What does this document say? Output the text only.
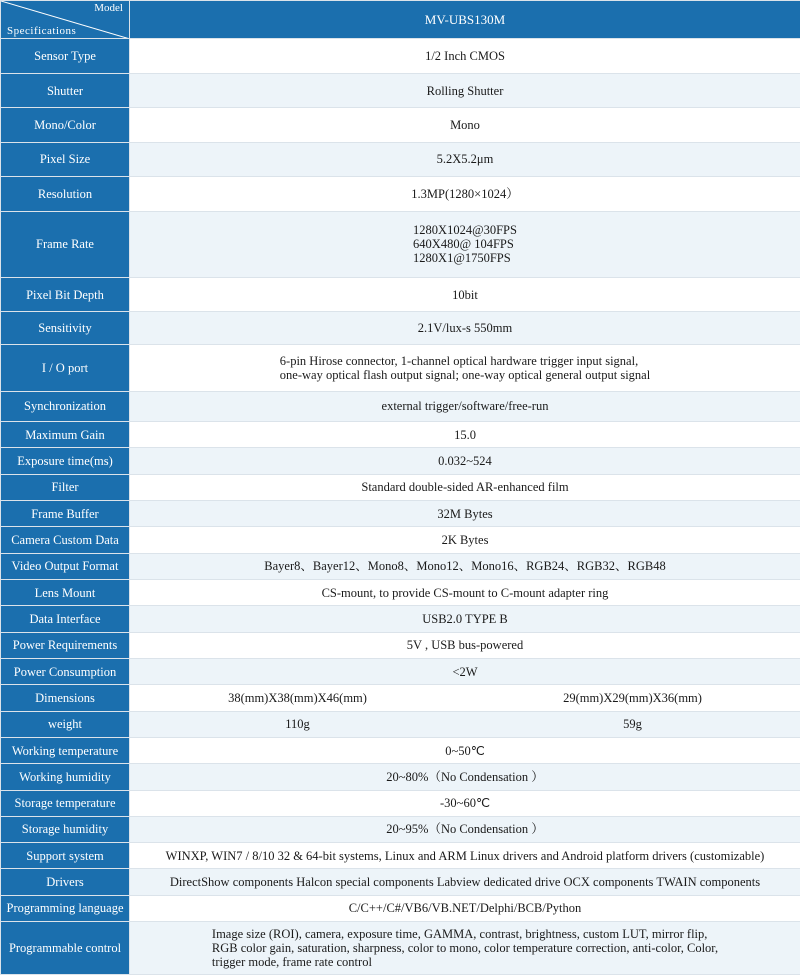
Model
Specifications	MV-UBS130M
Sensor Type	1/2 Inch CMOS
Shutter	Rolling Shutter
Mono/Color	Mono
Pixel Size	5.2X5.2μm
Resolution	1.3MP(1280×1024）
Frame Rate	1280X1024@30FPS
640X480@ 104FPS
1280X1@1750FPS

Pixel Bit Depth	10bit
Sensitivity	2.1V/lux-s 550mm
I / O port	6-pin Hirose connector, 1-channel optical hardware trigger input signal,
one-way optical flash output signal; one-way optical general output signal

Synchronization	external trigger/software/free-run
Maximum Gain	15.0
Exposure time(ms)	0.032~524
Filter	Standard double-sided AR-enhanced film
Frame Buffer	32M Bytes
Camera Custom Data	2K Bytes
Video Output Format	Bayer8、Bayer12、Mono8、Mono12、Mono16、RGB24、RGB32、RGB48
Lens Mount	CS-mount, to provide CS-mount to C-mount adapter ring
Data Interface	USB2.0 TYPE B
Power Requirements	5V , USB bus-powered
Power Consumption	<2W
Dimensions	38(mm)X38(mm)X46(mm) 29(mm)X29(mm)X36(mm)

weight	110g 59g

Working temperature	0~50℃
Working humidity	20~80%（No Condensation ）
Storage temperature	-30~60℃
Storage humidity	20~95%（No Condensation ）
Support system	WINXP, WIN7 / 8/10 32 & 64-bit systems, Linux and ARM Linux drivers and Android platform drivers (customizable)
Drivers	DirectShow components Halcon special components Labview dedicated drive OCX components TWAIN components
Programming language	C/C++/C#/VB6/VB.NET/Delphi/BCB/Python
Programmable control	Image size (ROI), camera, exposure time, GAMMA, contrast, brightness, custom LUT, mirror flip,
RGB color gain, saturation, sharpness, color to mono, color temperature correction, anti-color, Color,
trigger mode, frame rate control
